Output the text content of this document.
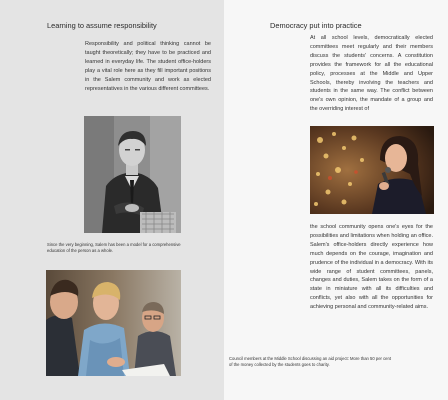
Learning to assume responsibility
Responsibility and political thinking cannot be taught theoretically; they have to be practiced and learned in everyday life. The student office-holders play a vital role here as they fill important positions in the Salem community and work as elected representatives in the various different committees.
Since the very beginning, Salem has been a model for a comprehensive education of the person as a whole.
Democracy put into practice
At all school levels, democratically elected committees meet regularly and their members discuss the students' concerns. A constitution provides the framework for all the educational policy, processes at the Middle and Upper Schools, thereby involving the teachers and students in the same way. The conflict between one's own opinion, the mandate of a group and the overriding interest of
the school community opens one's eyes for the possibilities and limitations when holding an office. Salem's office-holders directly experience how much depends on the courage, imagination and prudence of the individual in a democracy. With its wide range of student committees, panels, changes and duties, Salem takes on the form of a state in miniature with all its difficulties and conflicts, yet also with all the opportunities for achieving personal and community-related aims.
Council members at the Middle School discussing an aid project: More than 50 per cent of the money collected by the students goes to charity.
